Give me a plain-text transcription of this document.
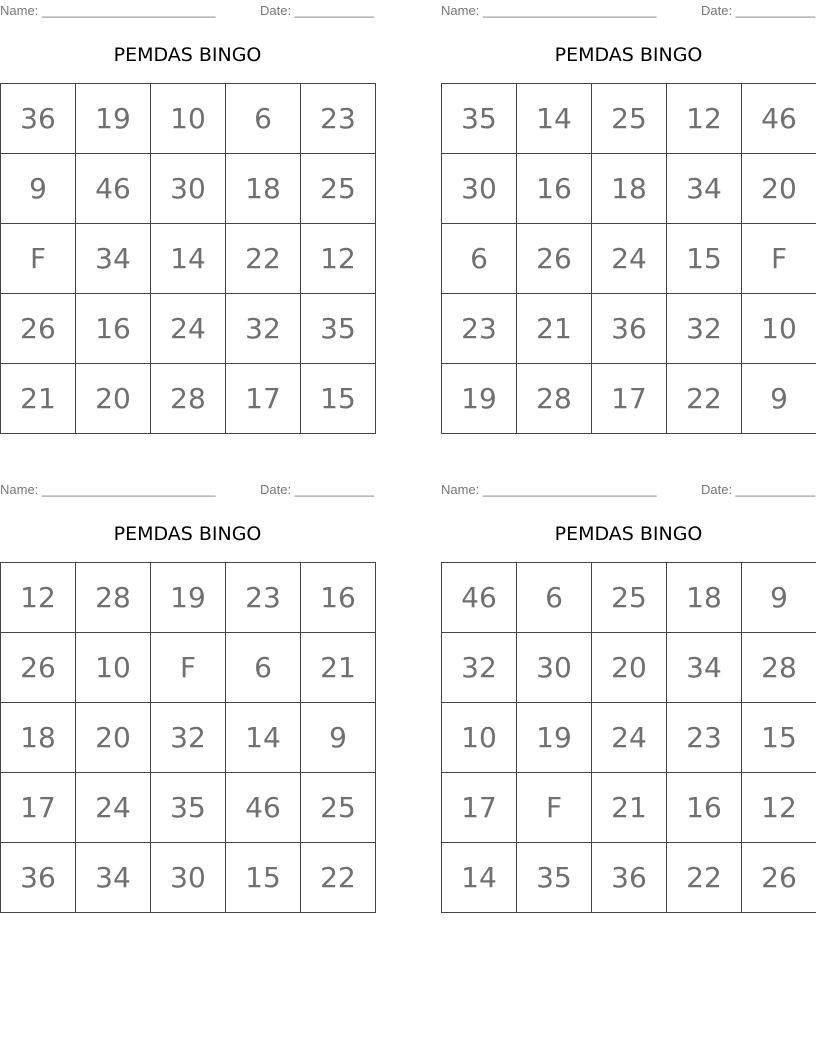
Name: ________________________	Date: ___________
PEMDAS BINGO
36	19	10	6	23
9	46	30	18	25
F	34	14	22	12
26	16	24	32	35
21	20	28	17	15
Name: ________________________	Date: ___________
PEMDAS BINGO
35	14	25	12	46
30	16	18	34	20
6	26	24	15	F
23	21	36	32	10
19	28	17	22	9
Name: ________________________	Date: ___________
PEMDAS BINGO
12	28	19	23	16
26	10	F	6	21
18	20	32	14	9
17	24	35	46	25
36	34	30	15	22
Name: ________________________	Date: ___________
PEMDAS BINGO
46	6	25	18	9
32	30	20	34	28
10	19	24	23	15
17	F	21	16	12
14	35	36	22	26
